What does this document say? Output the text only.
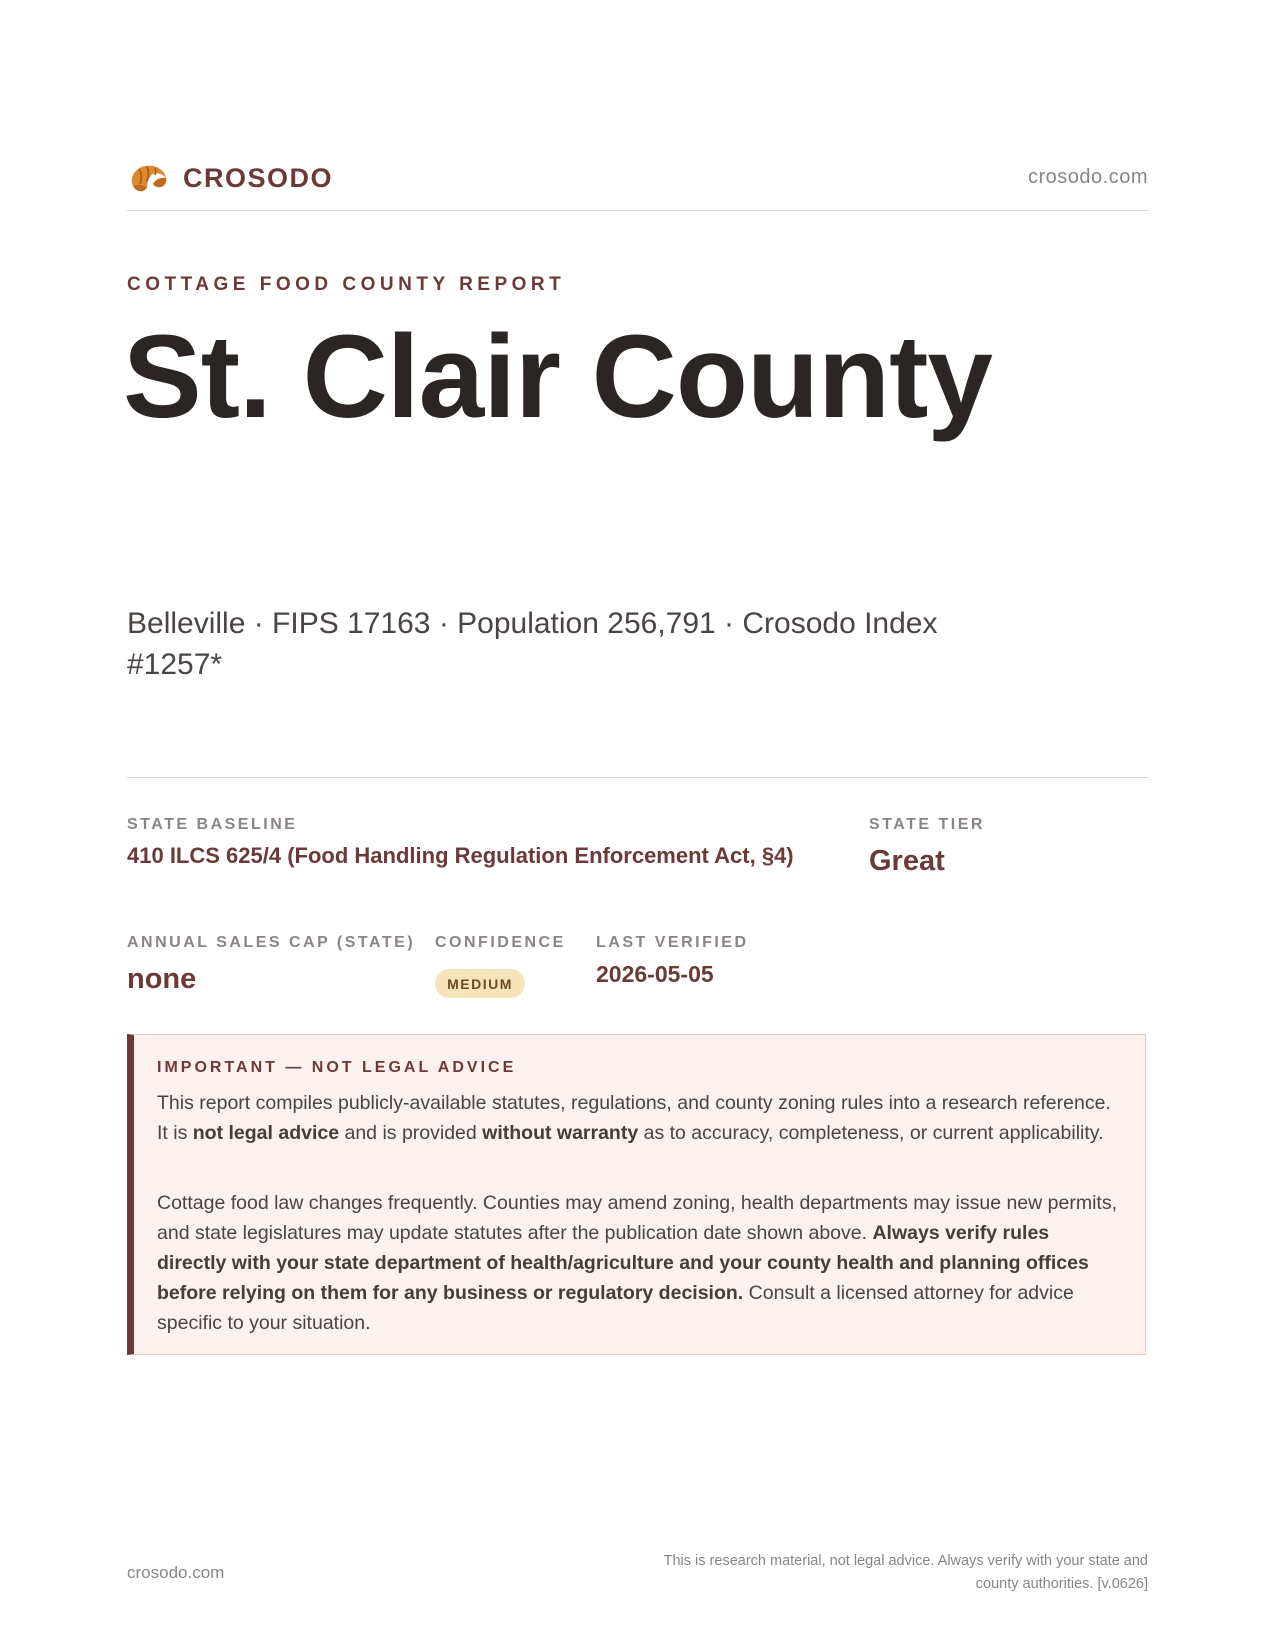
CROSODO	crosodo.com
COTTAGE FOOD COUNTY REPORT
St. Clair County
Belleville · FIPS 17163 · Population 256,791 · Crosodo Index #1257*
STATE BASELINE
410 ILCS 625/4 (Food Handling Regulation Enforcement Act, §4)
STATE TIER
Great
ANNUAL SALES CAP (STATE)
none
CONFIDENCE
MEDIUM
LAST VERIFIED
2026-05-05
IMPORTANT — NOT LEGAL ADVICE

This report compiles publicly-available statutes, regulations, and county zoning rules into a research reference. It is not legal advice and is provided without warranty as to accuracy, completeness, or current applicability.

Cottage food law changes frequently. Counties may amend zoning, health departments may issue new permits, and state legislatures may update statutes after the publication date shown above. Always verify rules directly with your state department of health/agriculture and your county health and planning offices before relying on them for any business or regulatory decision. Consult a licensed attorney for advice specific to your situation.

crosodo.com
This is research material, not legal advice. Always verify with your state and county authorities. [v.0626]
